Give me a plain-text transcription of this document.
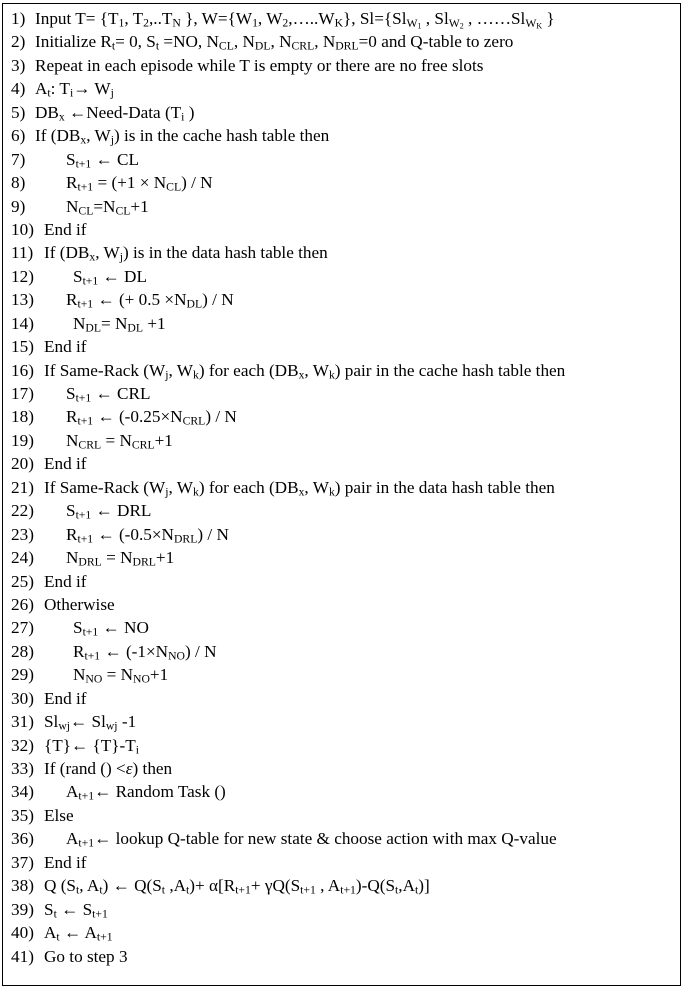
1) Input $T= \{T_1$, $T_2,..T_N$ }, $W=\{W_1$, $W_2,\dots..W_K$}, $Sl=\{Sl_{W_1}$ , $Sl_{W_2}$ , $\dots\dots Sl_{W_K}$ }
2) Initialize $R_t= 0$, $S_t =NO$, $N_{CL}$, $N_{DL}$, $N_{CRL}$, $N_{DRL}=0$ and Q-table to zero
3) Repeat in each episode while T is empty or there are no free slots
4) $A_t$: $T_i\to W_j$
5) $DB_x$ ←Need-Data ($T_i$ )
6) If ($DB_x$, $W_j$) is in the cache hash table then
7) $S_{t+1}$ ← CL
8) $R_{t+1} = (+1 \times N_{CL}) / N$
9) $N_{CL}=N_{CL}+1$
10) End if
11) If ($DB_x$, $W_j$) is in the data hash table then
12) $S_{t+1}$ ← DL
13) $R_{t+1}$ ← (+ $0.5 \times N_{DL}) / N$
14) $N_{DL}= N_{DL} +1$
15) End if
16) If Same-Rack ($W_j$, $W_k$) for each ($DB_x$, $W_k$) pair in the cache hash table then
17) $S_{t+1}$ ← CRL
18) $R_{t+1}$ ← $(-0.25\times N_{CRL}) / N$
19) $N_{CRL} = N_{CRL}+1$
20) End if
21) If Same-Rack ($W_j$, $W_k$) for each ($DB_x$, $W_k$) pair in the data hash table then
22) $S_{t+1}$ ← DRL
23) $R_{t+1}$ ← $(-0.5\times N_{DRL}) / N$
24) $N_{DRL} = N_{DRL}+1$
25) End if
26) Otherwise
27) $S_{t+1}$ ← NO
28) $R_{t+1}$ ← $(-1\times N_{NO}) / N$
29) $N_{NO} = N_{NO}+1$
30) End if
31) $Sl_{wj}\leftarrow$ $Sl_{wj}$ -1
32) {T}← $\{T\}-T_i$
33) If (rand () <ε) then
34) $A_{t+1}\leftarrow$ Random Task ()
35) Else
36) $A_{t+1}\leftarrow$ lookup Q-table for new state & choose action with max Q-value
37) End if
38) Q ($S_t$, $A_t$) ← $Q(S_t$ $,A_t)+ \alpha[R_{t+1}+ \gamma Q(S_{t+1}$ , $A_{t+1})-Q(S_t,A_t)$]
39) $S_t$ ← $S_{t+1}$
40) $A_t$ ← $A_{t+1}$
41) Go to step 3
